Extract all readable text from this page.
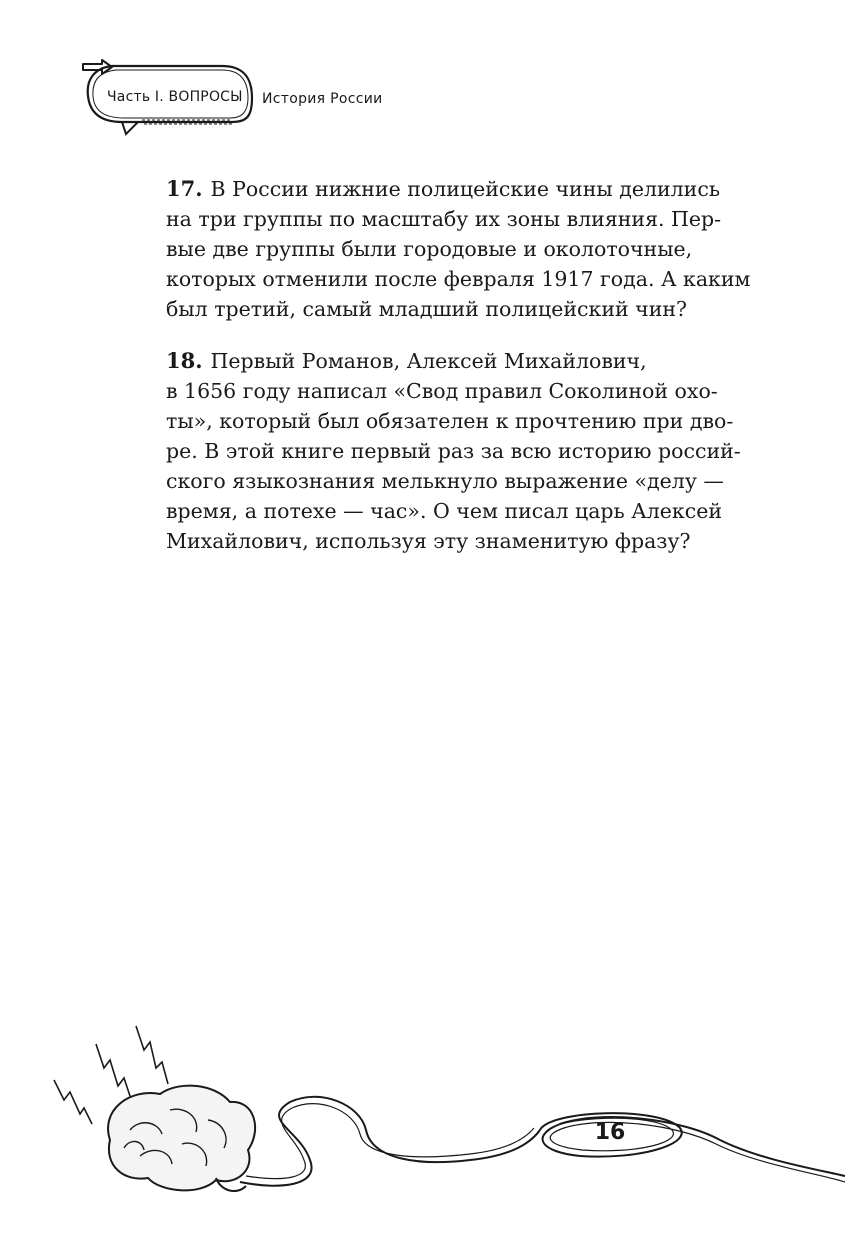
Часть I. ВОПРОСЫ История России
17. В России нижние полицейские чины делились
на три группы по масштабу их зоны влияния. Пер-
вые две группы были городовые и околоточные,
которых отменили после февраля 1917 года. А каким
был третий, самый младший полицейский чин?
18. Первый Романов, Алексей Михайлович,
в 1656 году написал «Свод правил Соколиной охо-
ты», который был обязателен к прочтению при дво-
ре. В этой книге первый раз за всю историю россий-
ского языкознания мелькнуло выражение «делу —
время, а потехе — час». О чем писал царь Алексей
Михайлович, используя эту знаменитую фразу?
16
